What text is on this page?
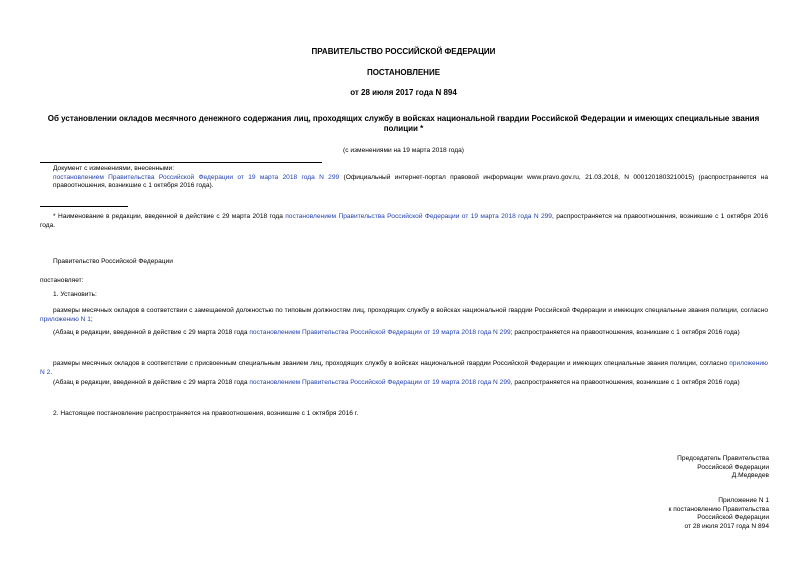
ПРАВИТЕЛЬСТВО РОССИЙСКОЙ ФЕДЕРАЦИИ
ПОСТАНОВЛЕНИЕ
от 28 июля 2017 года N 894
Об установлении окладов месячного денежного содержания лиц, проходящих службу в войсках национальной гвардии Российской Федерации и имеющих специальные звания полиции *
(с изменениями на 19 марта 2018 года)
Документ с изменениями, внесенными:
постановлением Правительства Российской Федерации от 19 марта 2018 года N 299 (Официальный интернет-портал правовой информации www.pravo.gov.ru, 21.03.2018, N 0001201803210015) (распространяется на правоотношения, возникшие с 1 октября 2016 года).
* Наименование в редакции, введенной в действие с 29 марта 2018 года постановлением Правительства Российской Федерации от 19 марта 2018 года N 299, распространяется на правоотношения, возникшие с 1 октября 2016 года.
Правительство Российской Федерации
постановляет:
1. Установить:
размеры месячных окладов в соответствии с замещаемой должностью по типовым должностям лиц, проходящих службу в войсках национальной гвардии Российской Федерации и имеющих специальные звания полиции, согласно приложению N 1;
(Абзац в редакции, введенной в действие с 29 марта 2018 года постановлением Правительства Российской Федерации от 19 марта 2018 года N 299; распространяется на правоотношения, возникшие с 1 октября 2016 года)
размеры месячных окладов в соответствии с присвоенным специальным званием лиц, проходящих службу в войсках национальной гвардии Российской Федерации и имеющих специальные звания полиции, согласно приложению N 2.
(Абзац в редакции, введенной в действие с 29 марта 2018 года постановлением Правительства Российской Федерации от 19 марта 2018 года N 299, распространяется на правоотношения, возникшие с 1 октября 2016 года)
2. Настоящее постановление распространяется на правоотношения, возникшие с 1 октября 2016 г.
Председатель Правительства
Российской Федерации
Д.Медведев
Приложение N 1
к постановлению Правительства
Российской Федерации
от 28 июля 2017 года N 894
